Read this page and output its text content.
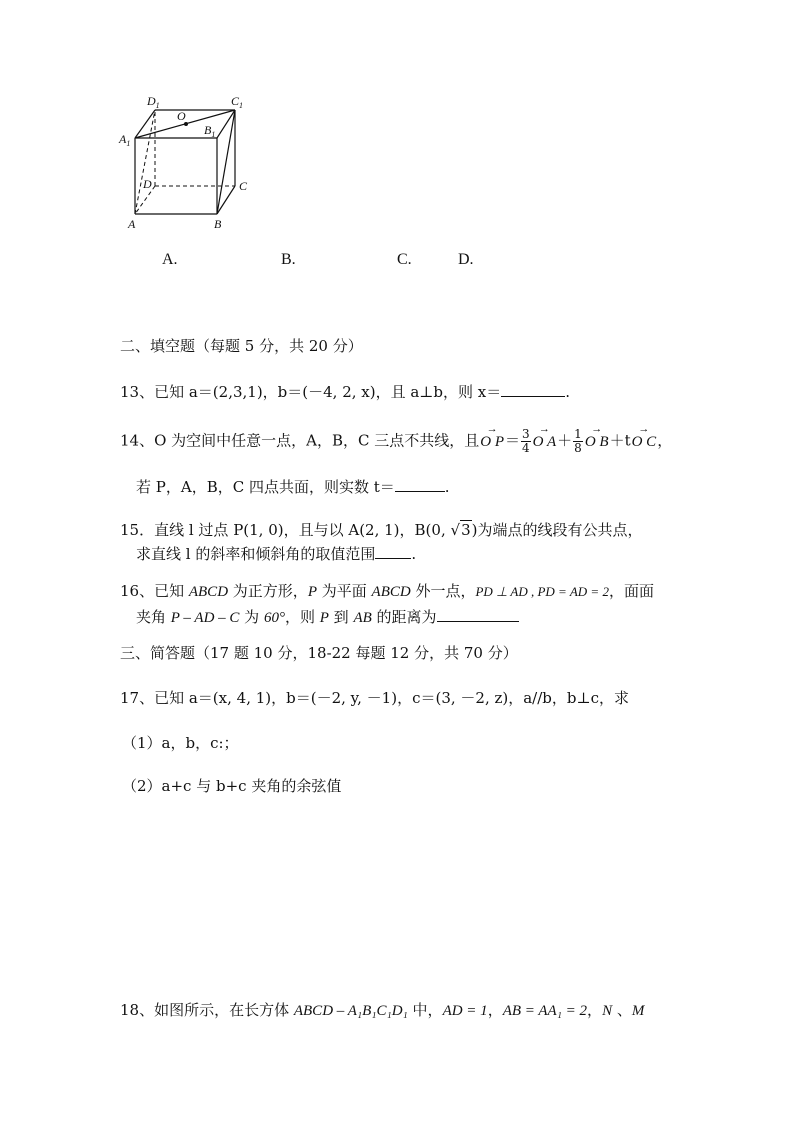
$D_1$	$C_1$
$A_1$
$B_1$
O
D	C
A	B
A.	B.	C.	D.
二、填空题（每题 5 分，共 20 分）
13、已知 a＝(2,3,1)，b＝(－4, 2, x)，且 a⊥b，则 x＝	.
14、O 为空间中任意一点，A，B，C 三点不共线，且
→
O $P= \frac{3}{4}$ →
O $A+ \frac{1}{8}$ →
O B＋t
→
O C，
若 P，A，B，C 四点共面，则实数 t＝	.
15．直线 l 过点 P(1, 0)，且与以 A(2, 1)，B(0, √3)为端点的线段有公共点，
求直线 l 的斜率和倾斜角的取值范围 .
16、已知 ABCD 为正方形，P 为平面 ABCD 外一点，PD ⊥ AD , PD = AD = 2，面面
夹角 P – AD – C 为 60°，则 P 到 AB 的距离为
三、简答题（17 题 10 分，18-22 每题 12 分，共 70 分）
17、已知 a＝(x, 4, 1)，b＝(－2, y, －1)，c＝(3, －2, z)，a//b，b⊥c，求
（1）a，b，c:；
（2）a+c 与 b+c 夹角的余弦值
18、如图所示，在长方体 ABCD – A₁B₁C₁D₁ 中，AD = 1，AB = AA₁ = 2，N 、M
